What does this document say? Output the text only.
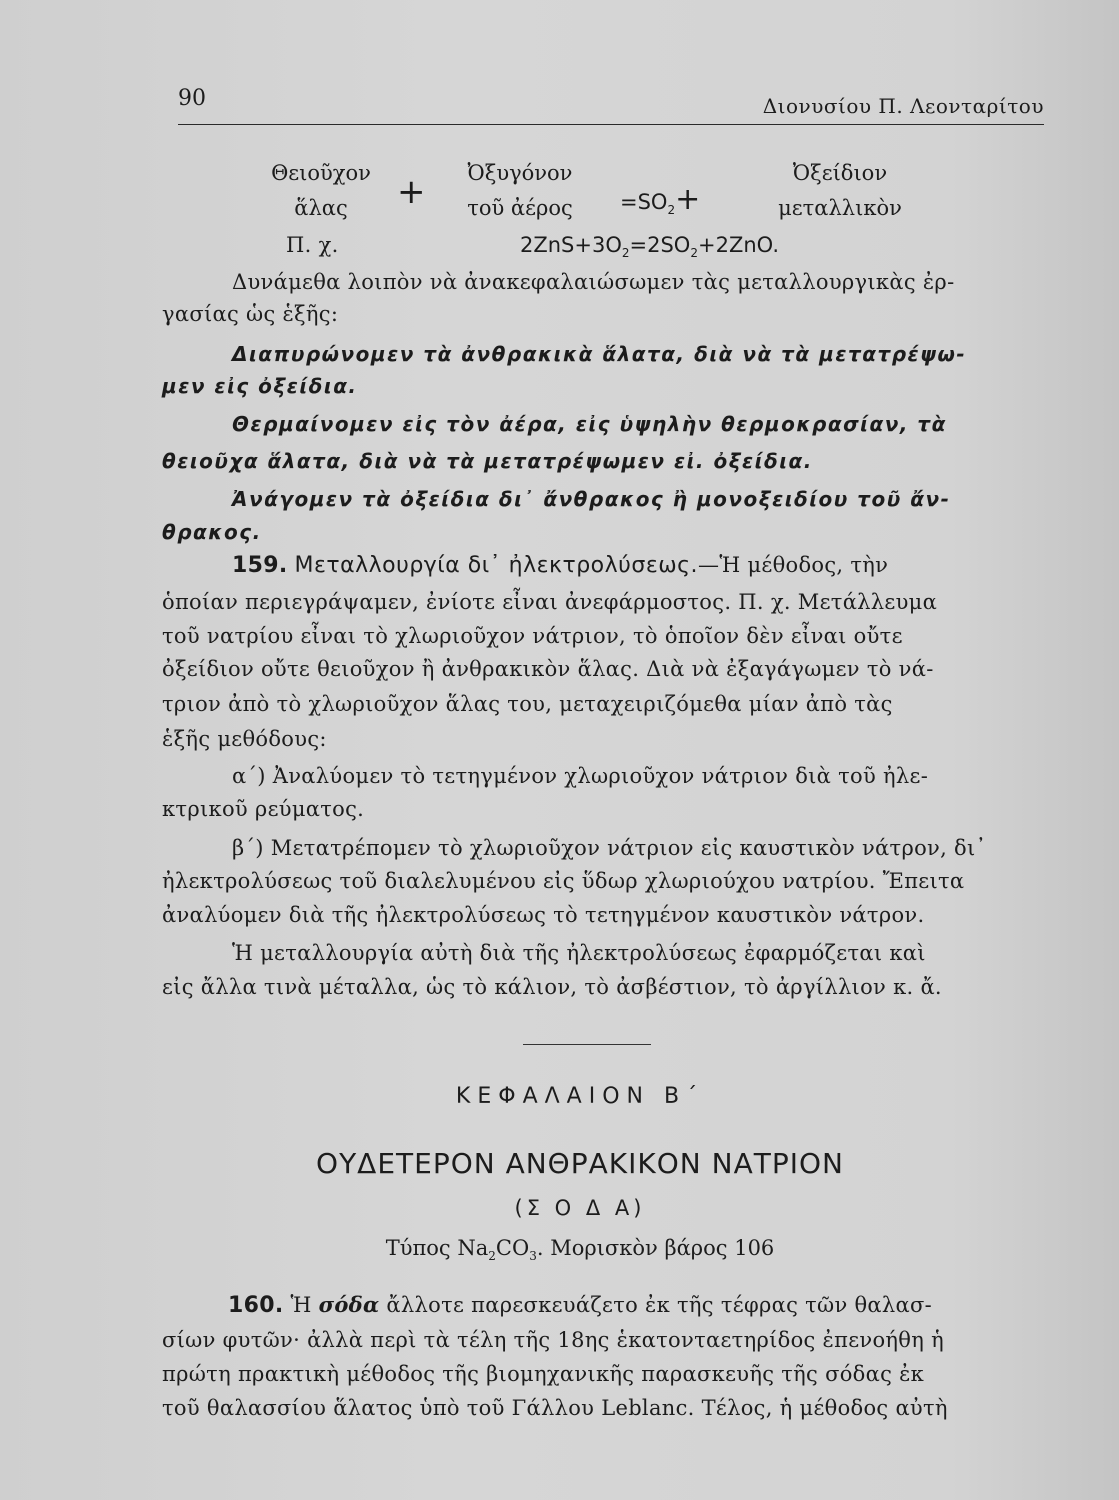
90	Διονυσίου Π. Λεονταρίτου
Θειοῦχον
ἅλας	+	Ὀξυγόνον
τοῦ ἀέρος	$=SO_2+$
Ὀξείδιον
μεταλλικὸν
Π. χ.	$2ZnS+3O_2=2SO_2+2ZnO$.
Δυνάμεθα λοιπὸν νὰ ἀνακεφαλαιώσωμεν τὰς μεταλλουργικὰς ἐρ-
γασίας ὡς ἑξῆς:
Διαπυρώνομεν τὰ ἀνθρακικὰ ἅλατα, διὰ νὰ τὰ μετατρέψω-
μεν εἰς ὀξείδια.
Θερμαίνομεν εἰς τὸν ἀέρα, εἰς ὑψηλὴν θερμοκρασίαν, τὰ
θειοῦχα ἅλατα, διὰ νὰ τὰ μετατρέψωμεν εἰ. ὀξείδια.
Ἀνάγομεν τὰ ὀξείδια δι᾿ ἄνθρακος ἢ μονοξειδίου τοῦ ἄν-
θρακος.
159. Μεταλλουργία δι᾿ ἠλεκτρολύσεως.—Ἡ μέθοδος, τὴν
ὁποίαν περιεγράψαμεν, ἐνίοτε εἶναι ἀνεφάρμοστος. Π. χ. Μετάλλευμα
τοῦ νατρίου εἶναι τὸ χλωριοῦχον νάτριον, τὸ ὁποῖον δὲν εἶναι οὔτε
ὀξείδιον οὔτε θειοῦχον ἢ ἀνθρακικὸν ἅλας. Διὰ νὰ ἐξαγάγωμεν τὸ νά-
τριον ἀπὸ τὸ χλωριοῦχον ἅλας του, μεταχειριζόμεθα μίαν ἀπὸ τὰς
ἑξῆς μεθόδους:
α΄) Ἀναλύομεν τὸ τετηγμένον χλωριοῦχον νάτριον διὰ τοῦ ἠλε-
κτρικοῦ ρεύματος.
β΄) Μετατρέπομεν τὸ χλωριοῦχον νάτριον εἰς καυστικὸν νάτρον, δι᾿
ἠλεκτρολύσεως τοῦ διαλελυμένου εἰς ὕδωρ χλωριούχου νατρίου. Ἔπειτα
ἀναλύομεν διὰ τῆς ἠλεκτρολύσεως τὸ τετηγμένον καυστικὸν νάτρον.
Ἡ μεταλλουργία αὐτὴ διὰ τῆς ἠλεκτρολύσεως ἐφαρμόζεται καὶ
εἰς ἄλλα τινὰ μέταλλα, ὡς τὸ κάλιον, τὸ ἀσβέστιον, τὸ ἀργίλλιον κ. ἄ.
ΚΕΦΑΛΑΙΟΝ Β΄
ΟΥΔΕΤΕΡΟΝ ΑΝΘΡΑΚΙΚΟΝ ΝΑΤΡΙΟΝ
(Σ Ο Δ Α)
Τύπος $Na_2CO_3$. Μορισκὸν βάρος 106
160. Ἡ σόδα ἄλλοτε παρεσκευάζετο ἐκ τῆς τέφρας τῶν θαλασ-
σίων φυτῶν· ἀλλὰ περὶ τὰ τέλη τῆς 18ης ἑκατονταετηρίδος ἐπενοήθη ἡ
πρώτη πρακτικὴ μέθοδος τῆς βιομηχανικῆς παρασκευῆς τῆς σόδας ἐκ
τοῦ θαλασσίου ἅλατος ὑπὸ τοῦ Γάλλου Leblanc. Τέλος, ἡ μέθοδος αὐτὴ
